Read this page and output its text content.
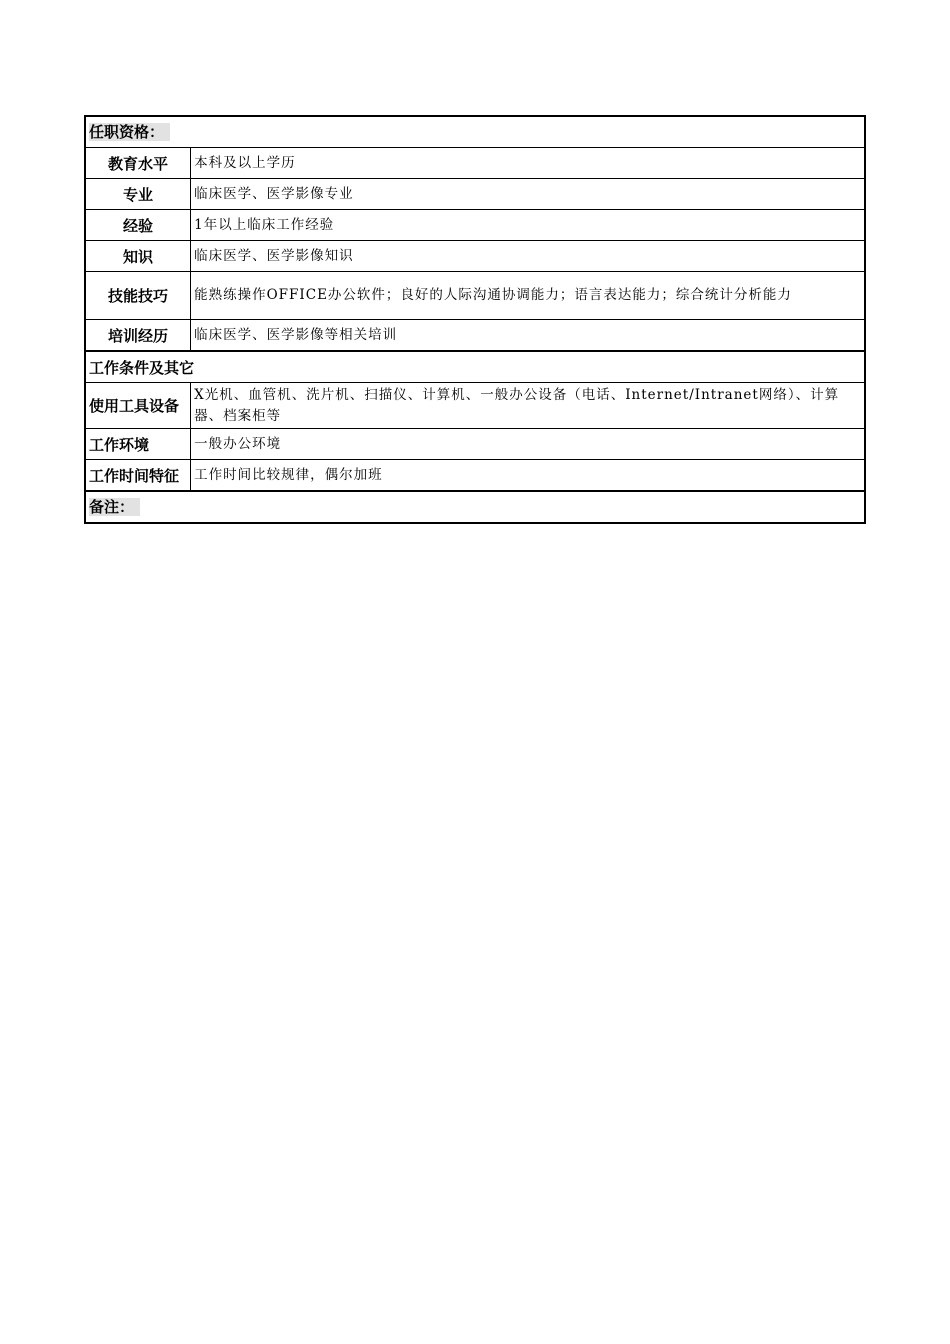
任职资格：	
教育水平	本科及以上学历
专业	临床医学、医学影像专业
经验	1年以上临床工作经验
知识	临床医学、医学影像知识
技能技巧	能熟练操作OFFICE办公软件；良好的人际沟通协调能力；语言表达能力；综合统计分析能力
培训经历	临床医学、医学影像等相关培训
工作条件及其它	
使用工具设备	X光机、血管机、洗片机、扫描仪、计算机、一般办公设备（电话、Internet/Intranet网络）、计算器、档案柜等
工作环境	一般办公环境
工作时间特征	工作时间比较规律，偶尔加班
备注：	
